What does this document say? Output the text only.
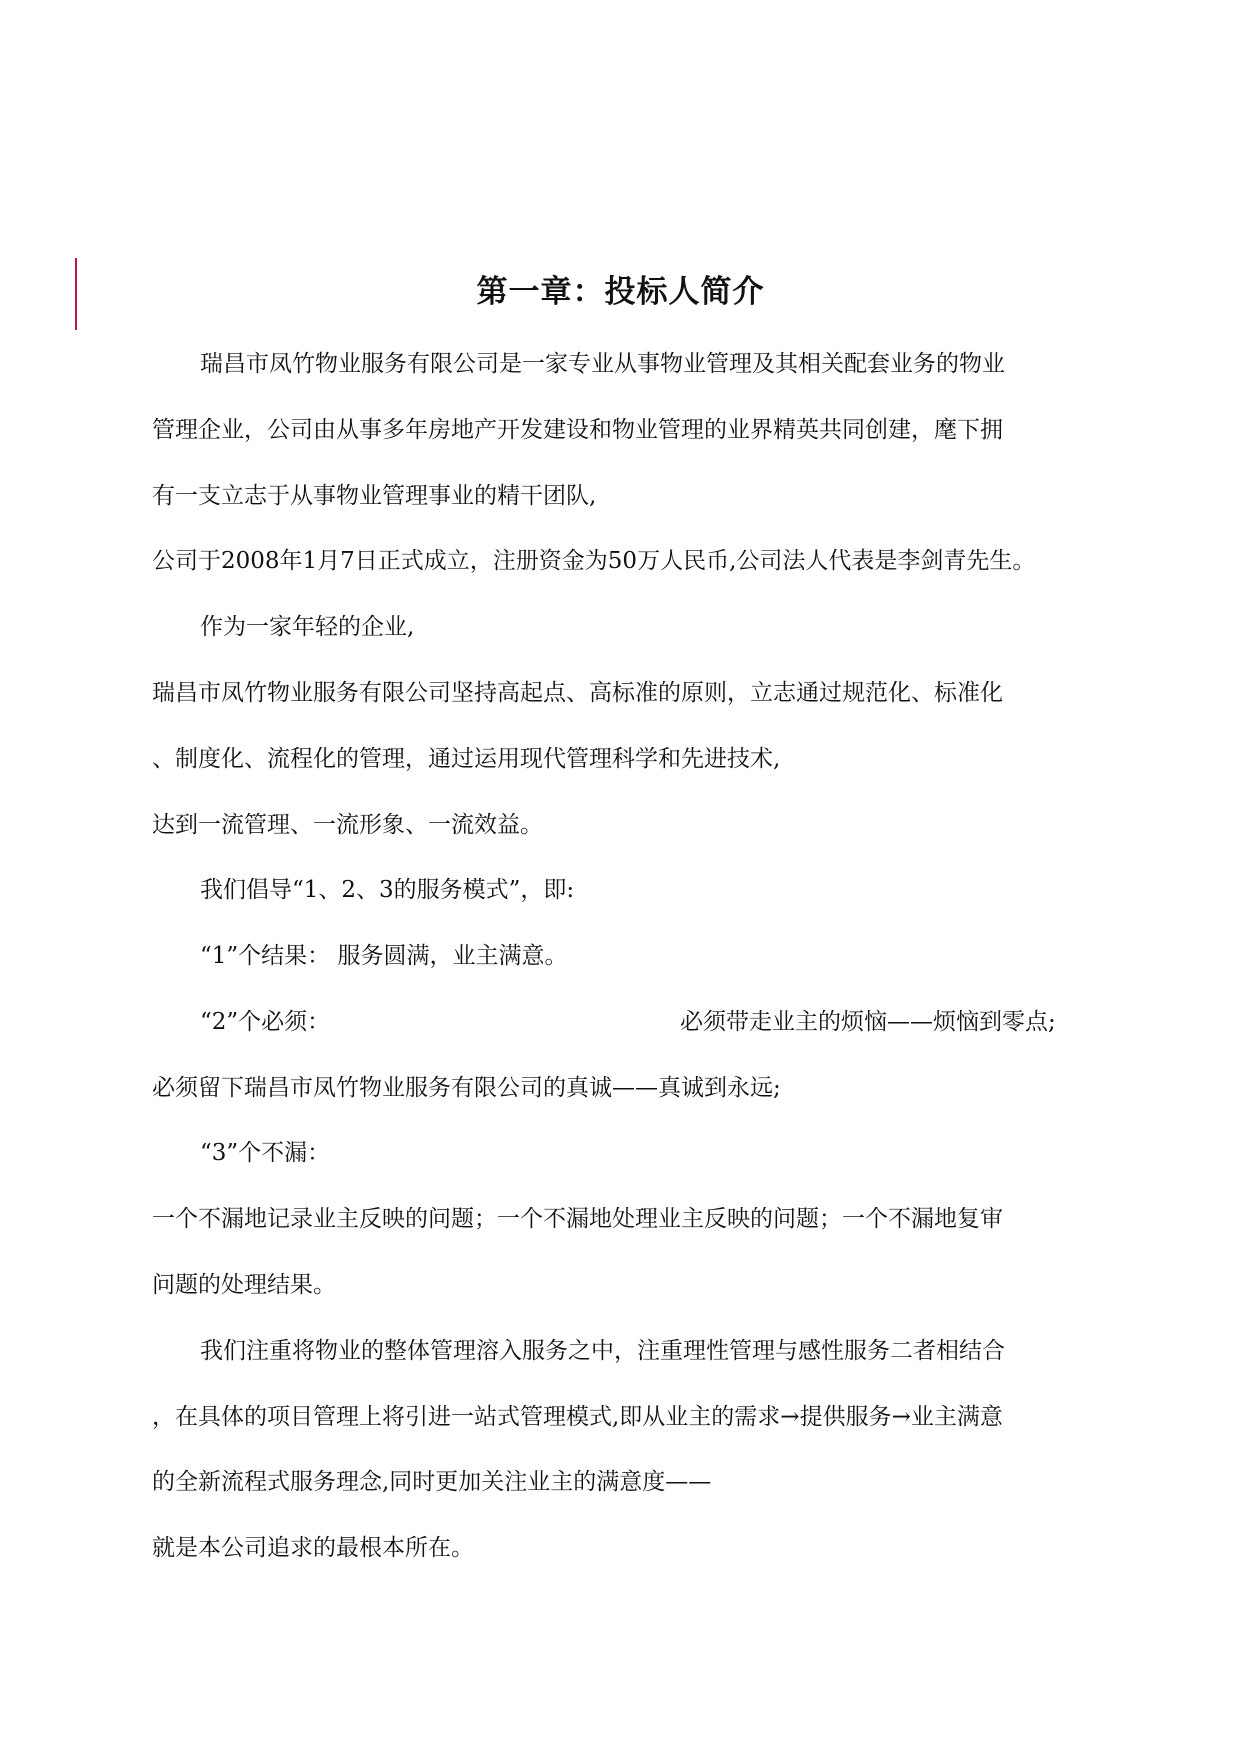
第一章：投标人简介
瑞昌市凤竹物业服务有限公司是一家专业从事物业管理及其相关配套业务的物业
管理企业，公司由从事多年房地产开发建设和物业管理的业界精英共同创建，麾下拥
有一支立志于从事物业管理事业的精干团队,
公司于2008年1月7日正式成立，注册资金为50万人民币,公司法人代表是李剑青先生。
作为一家年轻的企业,
瑞昌市凤竹物业服务有限公司坚持高起点、高标准的原则，立志通过规范化、标准化
、制度化、流程化的管理，通过运用现代管理科学和先进技术,
达到一流管理、一流形象、一流效益。
我们倡导“1、2、3的服务模式”，即:
“1”个结果： 服务圆满，业主满意。
“2”个必须：	必须带走业主的烦恼——烦恼到零点;
必须留下瑞昌市凤竹物业服务有限公司的真诚——真诚到永远;
“3”个不漏：
一个不漏地记录业主反映的问题；一个不漏地处理业主反映的问题；一个不漏地复审
问题的处理结果。
我们注重将物业的整体管理溶入服务之中，注重理性管理与感性服务二者相结合
，在具体的项目管理上将引进一站式管理模式,即从业主的需求→提供服务→业主满意
的全新流程式服务理念,同时更加关注业主的满意度——
就是本公司追求的最根本所在。
